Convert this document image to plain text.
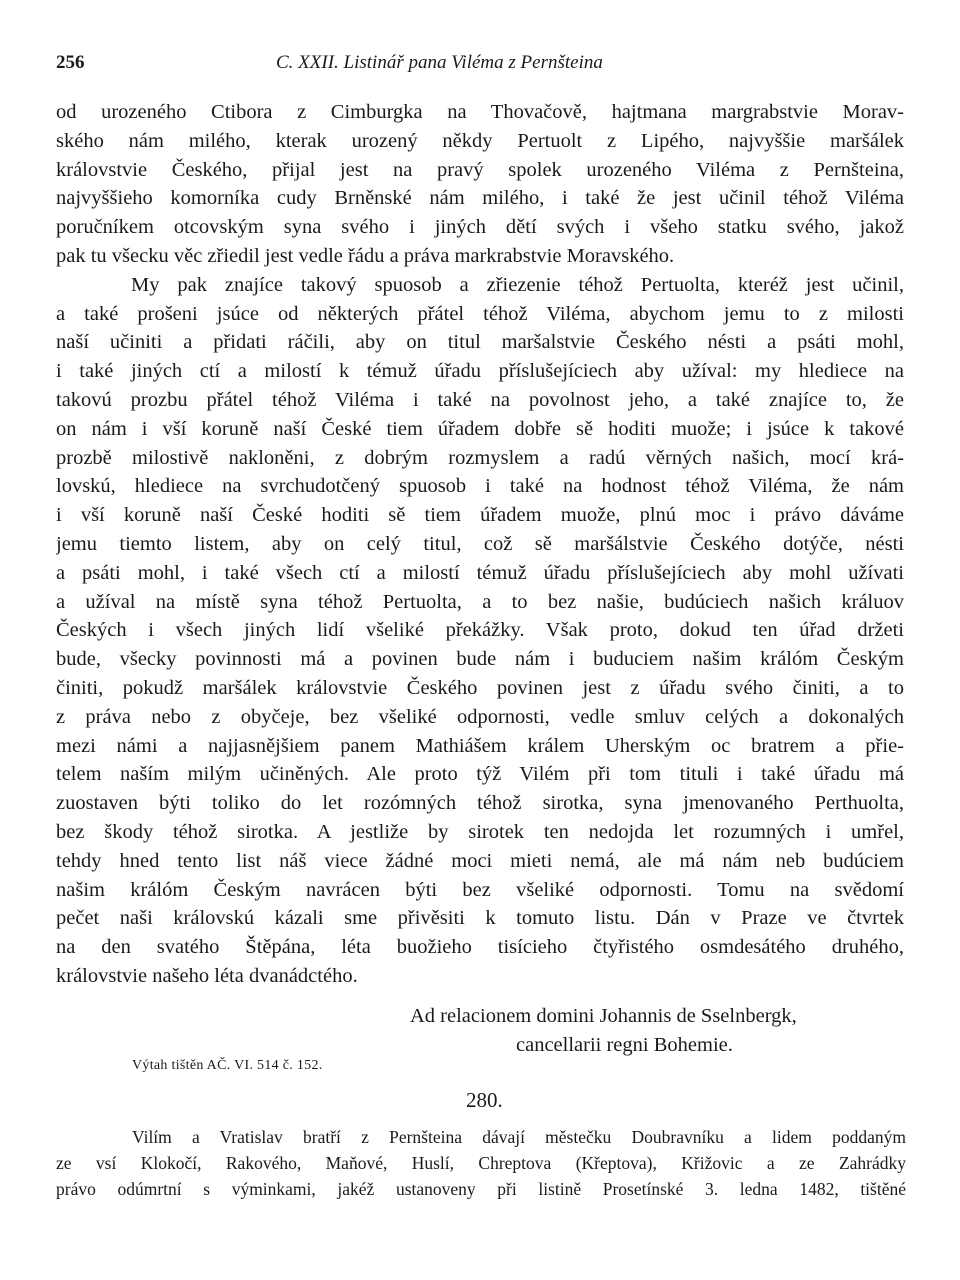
256	C. XXII. Listinář pana Viléma z Pernšteina
od urozeného Ctibora z Cimburgka na Thovačově, hajtmana margrabstvie Morav-
ského nám milého, kterak urozený někdy Pertuolt z Lipého, najvyššie maršálek
královstvie Českého, přijal jest na pravý spolek urozeného Viléma z Pernšteina,
najvyššieho komorníka cudy Brněnské nám milého, i také že jest učinil téhož Viléma
poručníkem otcovským syna svého i jiných dětí svých i všeho statku svého, jakož
pak tu všecku věc zřiedil jest vedle řádu a práva markrabstvie Moravského.
My pak znajíce takový spuosob a zřiezenie téhož Pertuolta, kteréž jest učinil,
a také prošeni jsúce od některých přátel téhož Viléma, abychom jemu to z milosti
naší učiniti a přidati ráčili, aby on titul maršalstvie Českého nésti a psáti mohl,
i také jiných ctí a milostí k témuž úřadu příslušejíciech aby užíval: my hlediece na
takovú prozbu přátel téhož Viléma i také na povolnost jeho, a také znajíce to, že
on nám i vší koruně naší České tiem úřadem dobře sě hoditi muože; i jsúce k takové
prozbě milostivě nakloněni, z dobrým rozmyslem a radú věrných našich, mocí krá-
lovskú, hlediece na svrchudotčený spuosob i také na hodnost téhož Viléma, že nám
i vší koruně naší České hoditi sě tiem úřadem muože, plnú moc i právo dáváme
jemu tiemto listem, aby on celý titul, což sě maršálstvie Českého dotýče, nésti
a psáti mohl, i také všech ctí a milostí témuž úřadu příslušejíciech aby mohl užívati
a užíval na místě syna téhož Pertuolta, a to bez našie, budúciech našich králuov
Českých i všech jiných lidí všeliké překážky. Však proto, dokud ten úřad držeti
bude, všecky povinnosti má a povinen bude nám i buduciem našim králóm Českým
činiti, pokudž maršálek královstvie Českého povinen jest z úřadu svého činiti, a to
z práva nebo z obyčeje, bez všeliké odpornosti, vedle smluv celých a dokonalých
mezi námi a najjasnějšiem panem Mathiášem králem Uherským oc bratrem a přie-
telem naším milým učiněných. Ale proto týž Vilém při tom tituli i také úřadu má
zuostaven býti toliko do let rozómných téhož sirotka, syna jmenovaného Perthuolta,
bez škody téhož sirotka. A jestliže by sirotek ten nedojda let rozumných i umřel,
tehdy hned tento list náš viece žádné moci mieti nemá, ale má nám neb budúciem
našim králóm Českým navrácen býti bez všeliké odpornosti. Tomu na svědomí
pečet naši královskú kázali sme přivěsiti k tomuto listu. Dán v Praze ve čtvrtek
na den svatého Štěpána, léta buožieho tisícieho čtyřistého osmdesátého druhého,
královstvie našeho léta dvanádctého.
Ad relacionem domini Johannis de Sselnbergk,
cancellarii regni Bohemie.
Výtah tištěn AČ. VI. 514 č. 152.
280.
Vilím a Vratislav bratří z Pernšteina dávají městečku Doubravníku a lidem poddaným
ze vsí Klokočí, Rakového, Maňové, Huslí, Chreptova (Křeptova), Křižovic a ze Zahrádky
právo odúmrtní s výminkami, jakéž ustanoveny při listině Prosetínské 3. ledna 1482, tištěné
